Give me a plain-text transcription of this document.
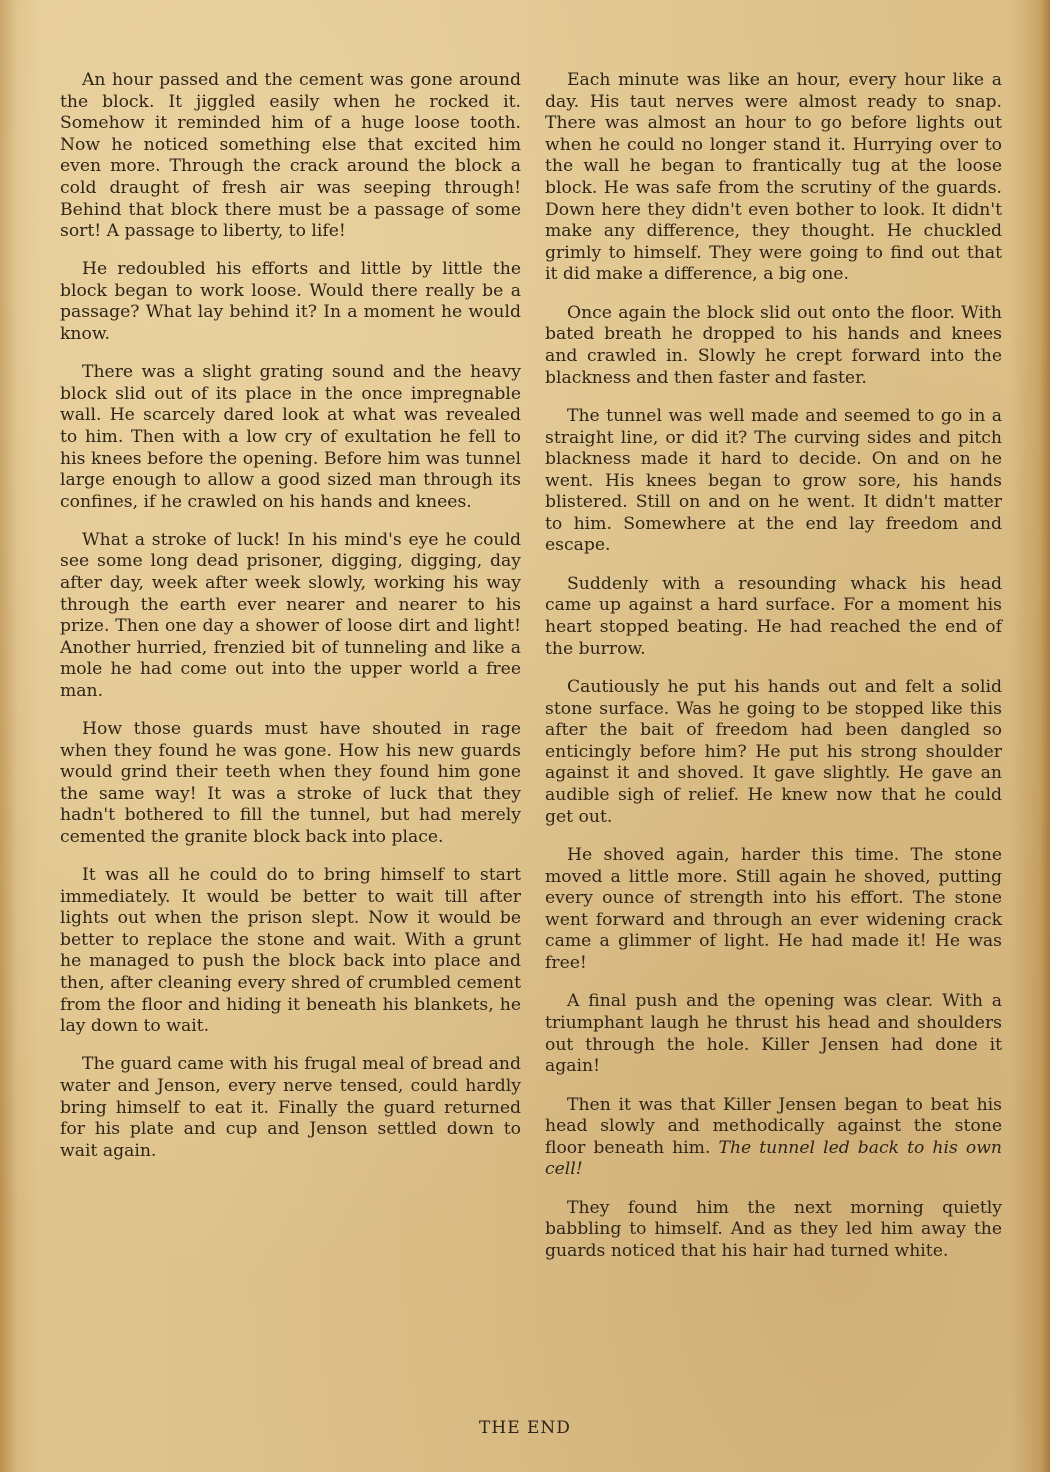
An hour passed and the cement was gone around the block. It jiggled easily when he rocked it. Somehow it reminded him of a huge loose tooth. Now he noticed something else that excited him even more. Through the crack around the block a cold draught of fresh air was seeping through! Behind that block there must be a passage of some sort! A passage to liberty, to life!

He redoubled his efforts and little by little the block began to work loose. Would there really be a passage? What lay behind it? In a moment he would know.

There was a slight grating sound and the heavy block slid out of its place in the once impregnable wall. He scarcely dared look at what was revealed to him. Then with a low cry of exultation he fell to his knees before the opening. Before him was tunnel large enough to allow a good sized man through its confines, if he crawled on his hands and knees.

What a stroke of luck! In his mind's eye he could see some long dead prisoner, digging, digging, day after day, week after week slowly, working his way through the earth ever nearer and nearer to his prize. Then one day a shower of loose dirt and light! Another hurried, frenzied bit of tunneling and like a mole he had come out into the upper world a free man.

How those guards must have shouted in rage when they found he was gone. How his new guards would grind their teeth when they found him gone the same way! It was a stroke of luck that they hadn't bothered to fill the tunnel, but had merely cemented the granite block back into place.

It was all he could do to bring himself to start immediately. It would be better to wait till after lights out when the prison slept. Now it would be better to replace the stone and wait. With a grunt he managed to push the block back into place and then, after cleaning every shred of crumbled cement from the floor and hiding it beneath his blankets, he lay down to wait.

The guard came with his frugal meal of bread and water and Jenson, every nerve tensed, could hardly bring himself to eat it. Finally the guard returned for his plate and cup and Jenson settled down to wait again.

Each minute was like an hour, every hour like a day. His taut nerves were almost ready to snap. There was almost an hour to go before lights out when he could no longer stand it. Hurrying over to the wall he began to frantically tug at the loose block. He was safe from the scrutiny of the guards. Down here they didn't even bother to look. It didn't make any difference, they thought. He chuckled grimly to himself. They were going to find out that it did make a difference, a big one.

Once again the block slid out onto the floor. With bated breath he dropped to his hands and knees and crawled in. Slowly he crept forward into the blackness and then faster and faster.

The tunnel was well made and seemed to go in a straight line, or did it? The curving sides and pitch blackness made it hard to decide. On and on he went. His knees began to grow sore, his hands blistered. Still on and on he went. It didn't matter to him. Somewhere at the end lay freedom and escape.

Suddenly with a resounding whack his head came up against a hard surface. For a moment his heart stopped beating. He had reached the end of the burrow.

Cautiously he put his hands out and felt a solid stone surface. Was he going to be stopped like this after the bait of freedom had been dangled so enticingly before him? He put his strong shoulder against it and shoved. It gave slightly. He gave an audible sigh of relief. He knew now that he could get out.

He shoved again, harder this time. The stone moved a little more. Still again he shoved, putting every ounce of strength into his effort. The stone went forward and through an ever widening crack came a glimmer of light. He had made it! He was free!

A final push and the opening was clear. With a triumphant laugh he thrust his head and shoulders out through the hole. Killer Jensen had done it again!

Then it was that Killer Jensen began to beat his head slowly and methodically against the stone floor beneath him. The tunnel led back to his own cell!

They found him the next morning quietly babbling to himself. And as they led him away the guards noticed that his hair had turned white.

THE END
